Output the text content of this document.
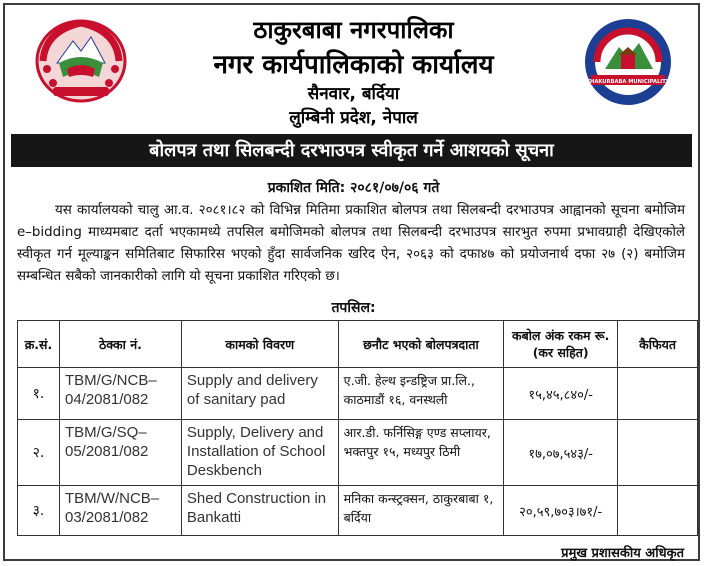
THAKURBABA MUNICIPALITY
ठाकुरबाबा नगरपालिका
नगर कार्यपालिकाको कार्यालय
सैनवार, बर्दिया
लुम्बिनी प्रदेश, नेपाल
बोलपत्र तथा सिलबन्दी दरभाउपत्र स्वीकृत गर्ने आशयको सूचना
प्रकाशित मिति: २०८१/०७/०६ गते
यस कार्यालयको चालु आ.व. २०८१।८२ को विभिन्न मितिमा प्रकाशित बोलपत्र तथा सिलबन्दी दरभाउपत्र आह्वानको सूचना बमोजिम e–bidding माध्यमबाट दर्ता भएकामध्ये तपसिल बमोजिमको बोलपत्र तथा सिलबन्दी दरभाउपत्र सारभुत रुपमा प्रभावग्राही देखिएकोले स्वीकृत गर्न मूल्याङ्कन समितिबाट सिफारिस भएको हुँदा सार्वजनिक खरिद ऐन, २०६३ को दफा४७ को प्रयोजनार्थ दफा २७ (२) बमोजिम सम्बन्धित सबैको जानकारीको लागि यो सूचना प्रकाशित गरिएको छ।
तपसिल:
क्र.सं.	ठेक्का नं.	कामको विवरण	छनौट भएको बोलपत्रदाता	कबोल अंक रकम रू. (कर सहित)	कैफियत
१.	TBM/G/NCB–04/2081/082	Supply and delivery of sanitary pad	ए.जी. हेल्थ इन्डष्ट्रिज प्रा.लि., काठमाडौं १६, वनस्थली	१५,४५,८४०/-	
२.	TBM/G/SQ–05/2081/082	Supply, Delivery and Installation of School Deskbench	आर.डी. फर्निसिङ्ग एण्ड सप्लायर, भक्तपुर १५, मध्यपुर ठिमी	१७,०७,५४३/-	
३.	TBM/W/NCB–03/2081/082	Shed Construction in Bankatti	मनिका कन्स्ट्रक्सन, ठाकुरबाबा १, बर्दिया	२०,५९,७०३।७१/-	
प्रमुख प्रशासकीय अधिकृत
